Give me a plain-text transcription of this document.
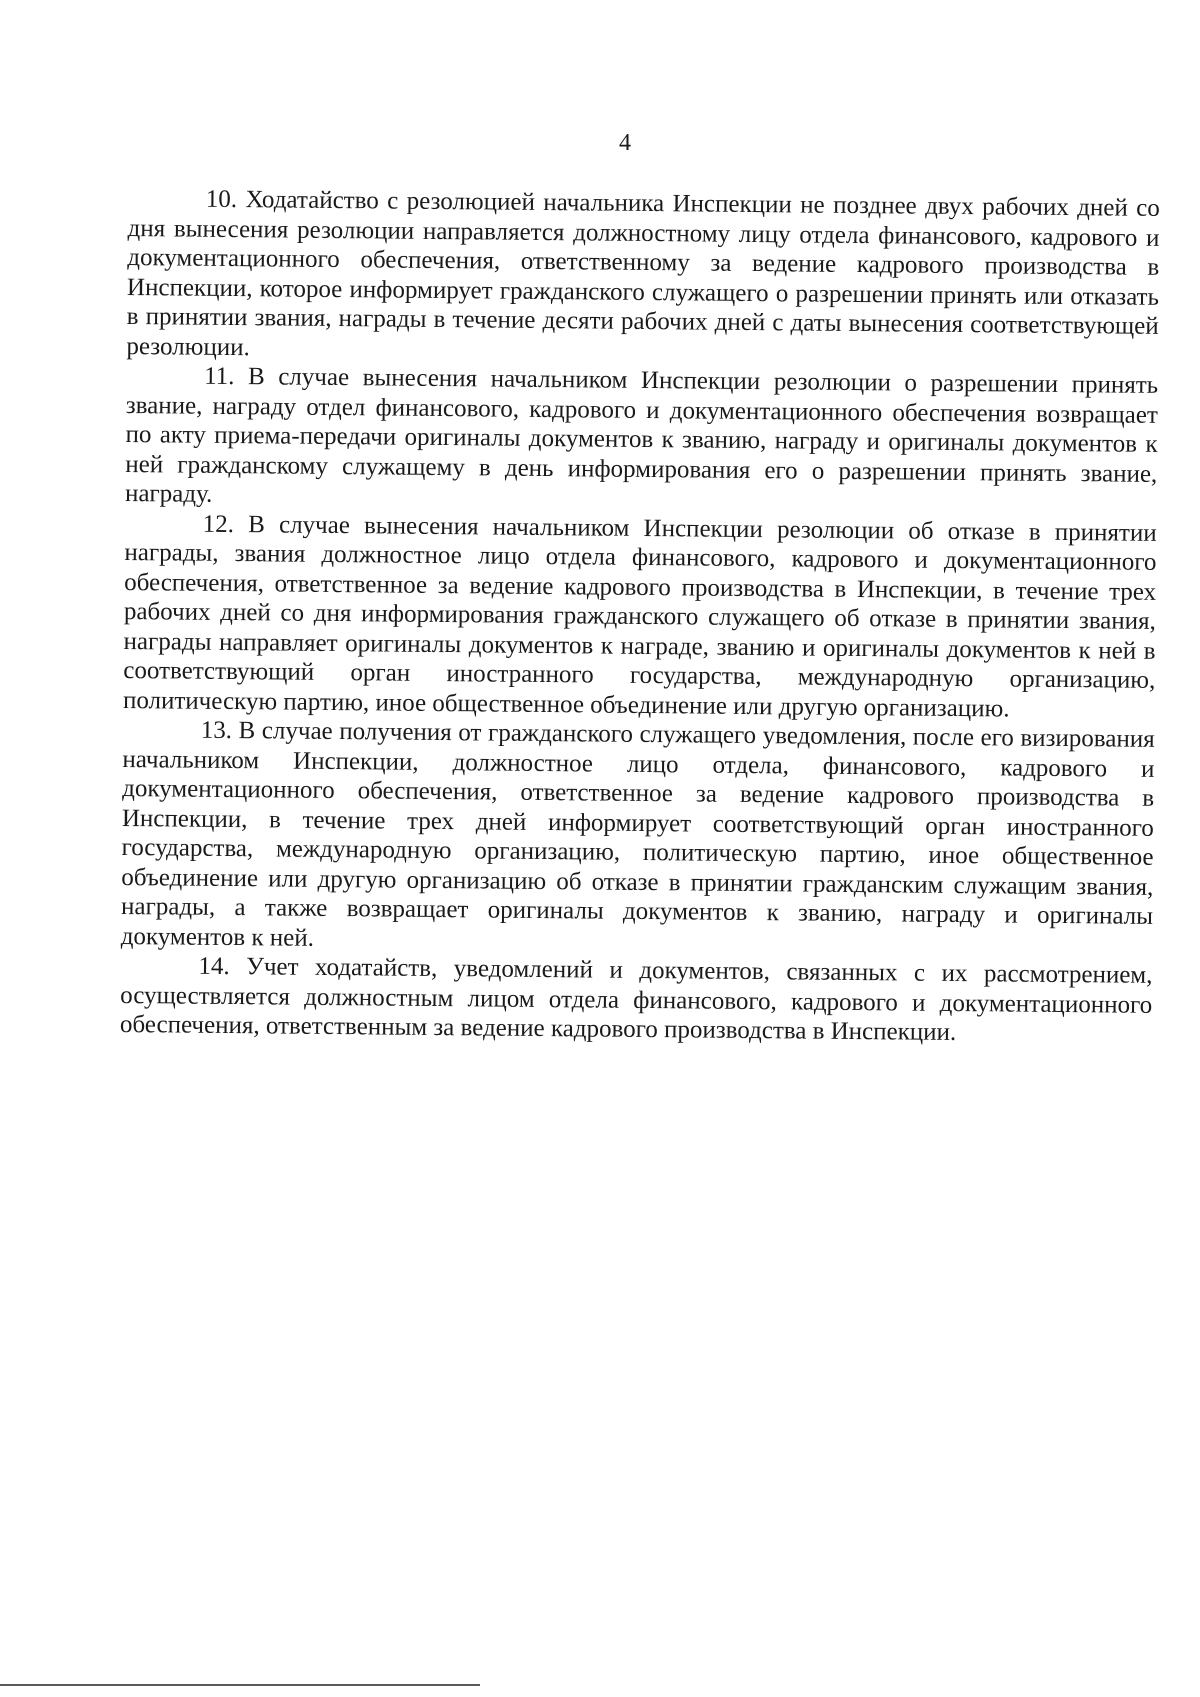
4

10. Ходатайство с резолюцией начальника Инспекции не позднее двух рабочих дней со дня вынесения резолюции направляется должностному лицу отдела финансового, кадрового и документационного обеспечения, ответственному за ведение кадрового производства в Инспекции, которое информирует гражданского служащего о разрешении принять или отказать в принятии звания, награды в течение десяти рабочих дней с даты вынесения соответствующей резолюции.

11. В случае вынесения начальником Инспекции резолюции о разрешении принять звание, награду отдел финансового, кадрового и документационного обеспечения возвращает по акту приема-передачи оригиналы документов к званию, награду и оригиналы документов к ней гражданскому служащему в день информирования его о разрешении принять звание, награду.

12. В случае вынесения начальником Инспекции резолюции об отказе в принятии награды, звания должностное лицо отдела финансового, кадрового и документационного обеспечения, ответственное за ведение кадрового производства в Инспекции, в течение трех рабочих дней со дня информирования гражданского служащего об отказе в принятии звания, награды направляет оригиналы документов к награде, званию и оригиналы документов к ней в соответствующий орган иностранного государства, международную организацию, политическую партию, иное общественное объединение или другую организацию.

13. В случае получения от гражданского служащего уведомления, после его визирования начальником Инспекции, должностное лицо отдела, финансового, кадрового и документационного обеспечения, ответственное за ведение кадрового производства в Инспекции, в течение трех дней информирует соответствующий орган иностранного государства, международную организацию, политическую партию, иное общественное объединение или другую организацию об отказе в принятии гражданским служащим звания, награды, а также возвращает оригиналы документов к званию, награду и оригиналы документов к ней.

14. Учет ходатайств, уведомлений и документов, связанных с их рассмотрением, осуществляется должностным лицом отдела финансового, кадрового и документационного обеспечения, ответственным за ведение кадрового производства в Инспекции.
